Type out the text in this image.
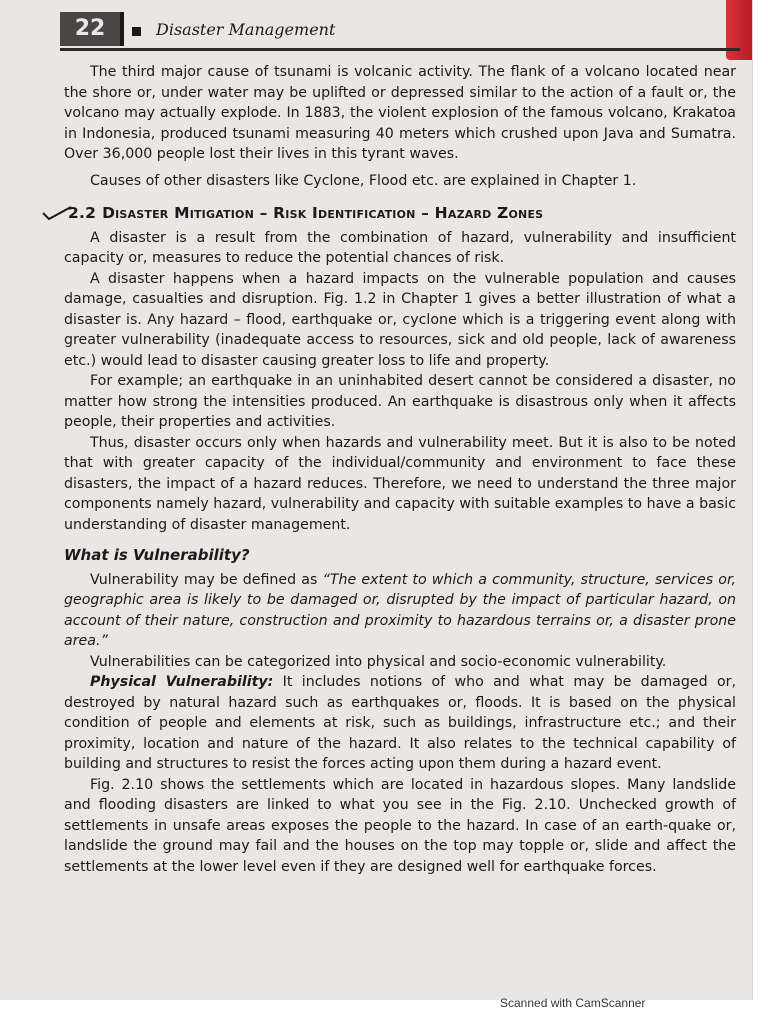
22	Disaster Management

The third major cause of tsunami is volcanic activity. The flank of a volcano located near the shore or, under water may be uplifted or depressed similar to the action of a fault or, the volcano may actually explode. In 1883, the violent explosion of the famous volcano, Krakatoa in Indonesia, produced tsunami measuring 40 meters which crushed upon Java and Sumatra. Over 36,000 people lost their lives in this tyrant waves.

Causes of other disasters like Cyclone, Flood etc. are explained in Chapter 1.

2.2 Disaster Mitigation – Risk Identification – Hazard Zones

A disaster is a result from the combination of hazard, vulnerability and insufficient capacity or, measures to reduce the potential chances of risk.

A disaster happens when a hazard impacts on the vulnerable population and causes damage, casualties and disruption. Fig. 1.2 in Chapter 1 gives a better illustration of what a disaster is. Any hazard – flood, earthquake or, cyclone which is a triggering event along with greater vulnerability (inadequate access to resources, sick and old people, lack of awareness etc.) would lead to disaster causing greater loss to life and property.

For example; an earthquake in an uninhabited desert cannot be considered a disaster, no matter how strong the intensities produced. An earthquake is disastrous only when it affects people, their properties and activities.

Thus, disaster occurs only when hazards and vulnerability meet. But it is also to be noted that with greater capacity of the individual/community and environment to face these disasters, the impact of a hazard reduces. Therefore, we need to understand the three major components namely hazard, vulnerability and capacity with suitable examples to have a basic understanding of disaster management.

What is Vulnerability?

Vulnerability may be defined as “The extent to which a community, structure, services or, geographic area is likely to be damaged or, disrupted by the impact of particular hazard, on account of their nature, construction and proximity to hazardous terrains or, a disaster prone area.”

Vulnerabilities can be categorized into physical and socio-economic vulnerability.

Physical Vulnerability: It includes notions of who and what may be damaged or, destroyed by natural hazard such as earthquakes or, floods. It is based on the physical condition of people and elements at risk, such as buildings, infrastructure etc.; and their proximity, location and nature of the hazard. It also relates to the technical capability of building and structures to resist the forces acting upon them during a hazard event.

Fig. 2.10 shows the settlements which are located in hazardous slopes. Many landslide and flooding disasters are linked to what you see in the Fig. 2.10. Unchecked growth of settlements in unsafe areas exposes the people to the hazard. In case of an earth-quake or, landslide the ground may fail and the houses on the top may topple or, slide and affect the settlements at the lower level even if they are designed well for earthquake forces.

Scanned with CamScanner
